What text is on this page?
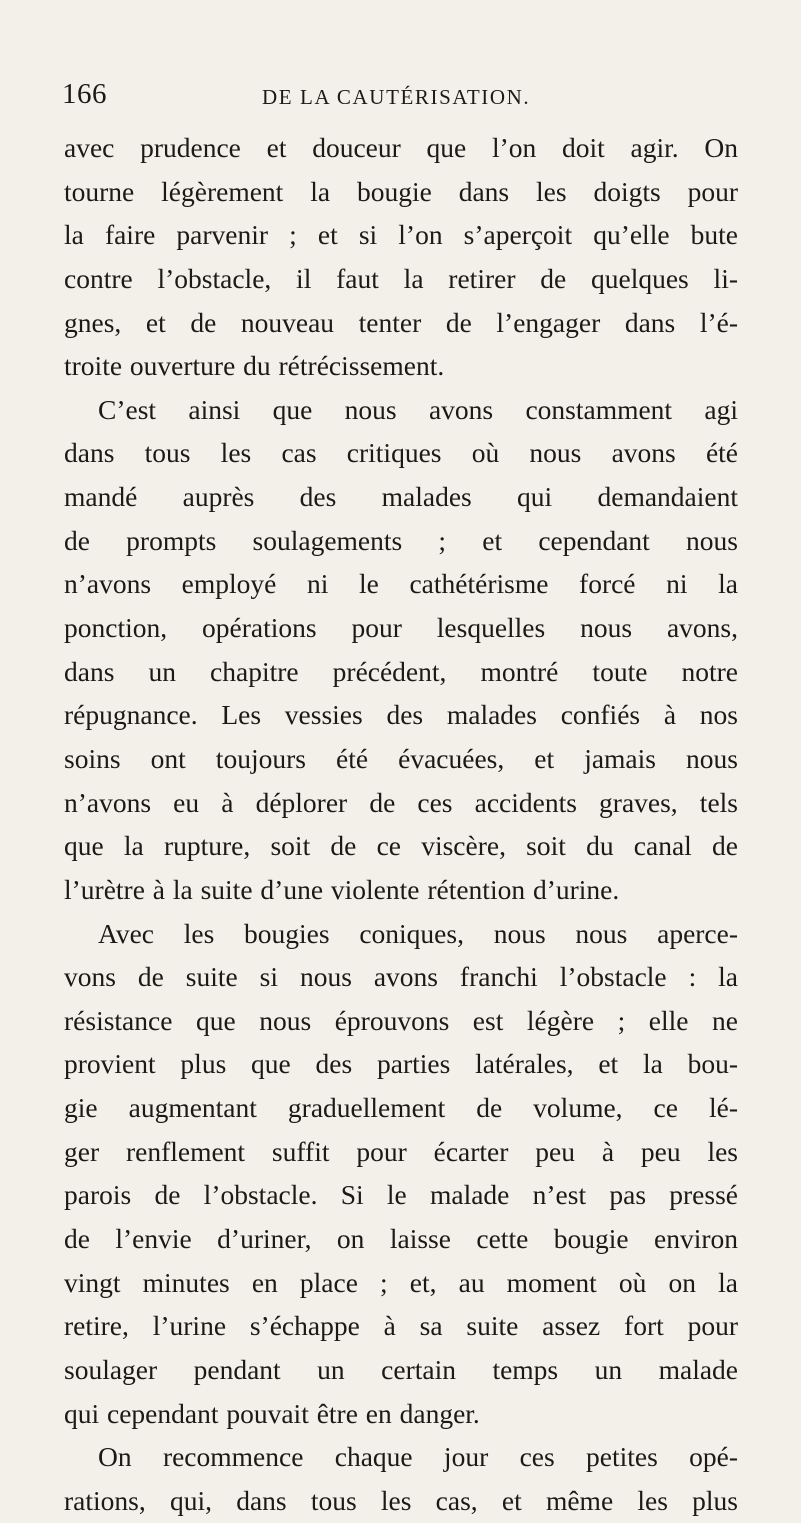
166	DE LA CAUTÉRISATION.
avec prudence et douceur que l’on doit agir. On
tourne légèrement la bougie dans les doigts pour
la faire parvenir ; et si l’on s’aperçoit qu’elle bute
contre l’obstacle, il faut la retirer de quelques li-
gnes, et de nouveau tenter de l’engager dans l’é-
troite ouverture du rétrécissement.
C’est ainsi que nous avons constamment agi
dans tous les cas critiques où nous avons été
mandé auprès des malades qui demandaient
de prompts soulagements ; et cependant nous
n’avons employé ni le cathétérisme forcé ni la
ponction, opérations pour lesquelles nous avons,
dans un chapitre précédent, montré toute notre
répugnance. Les vessies des malades confiés à nos
soins ont toujours été évacuées, et jamais nous
n’avons eu à déplorer de ces accidents graves, tels
que la rupture, soit de ce viscère, soit du canal de
l’urètre à la suite d’une violente rétention d’urine.
Avec les bougies coniques, nous nous aperce-
vons de suite si nous avons franchi l’obstacle : la
résistance que nous éprouvons est légère ; elle ne
provient plus que des parties latérales, et la bou-
gie augmentant graduellement de volume, ce lé-
ger renflement suffit pour écarter peu à peu les
parois de l’obstacle. Si le malade n’est pas pressé
de l’envie d’uriner, on laisse cette bougie environ
vingt minutes en place ; et, au moment où on la
retire, l’urine s’échappe à sa suite assez fort pour
soulager pendant un certain temps un malade
qui cependant pouvait être en danger.
On recommence chaque jour ces petites opé-
rations, qui, dans tous les cas, et même les plus
